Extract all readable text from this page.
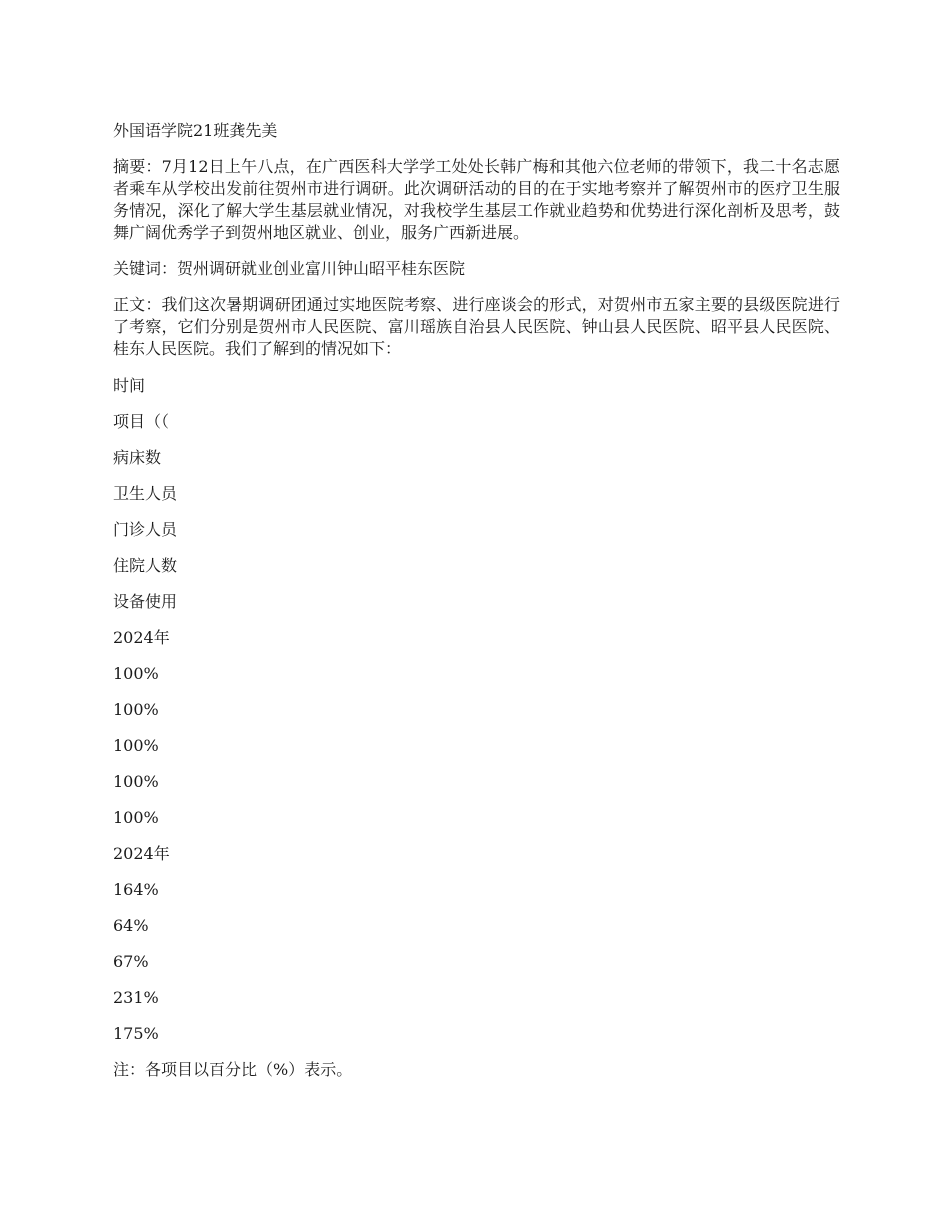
外国语学院21班龚先美

摘要：7月12日上午八点，在广西医科大学学工处处长韩广梅和其他六位老师的带领下，我二十名志愿者乘车从学校出发前往贺州市进行调研。此次调研活动的目的在于实地考察并了解贺州市的医疗卫生服务情况，深化了解大学生基层就业情况，对我校学生基层工作就业趋势和优势进行深化剖析及思考，鼓舞广阔优秀学子到贺州地区就业、创业，服务广西新进展。

关键词：贺州调研就业创业富川钟山昭平桂东医院

正文：我们这次暑期调研团通过实地医院考察、进行座谈会的形式，对贺州市五家主要的县级医院进行了考察，它们分别是贺州市人民医院、富川瑶族自治县人民医院、钟山县人民医院、昭平县人民医院、桂东人民医院。我们了解到的情况如下：

时间

项目（（

病床数

卫生人员

门诊人员

住院人数

设备使用

2024年

100%

100%

100%

100%

100%

2024年

164%

64%

67%

231%

175%

注：各项目以百分比（%）表示。
